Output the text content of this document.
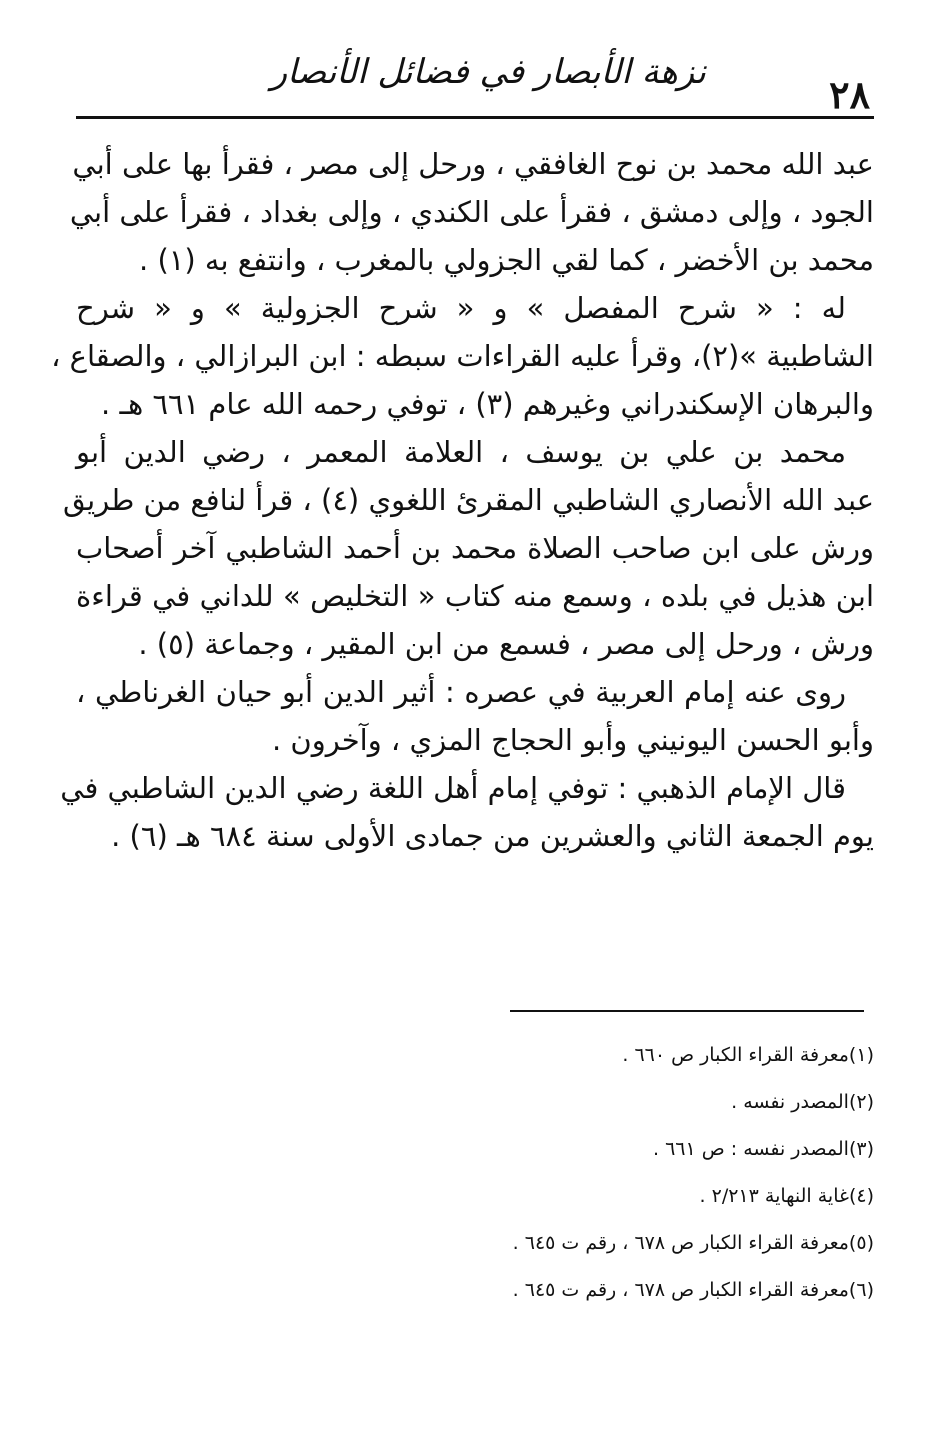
نزهة الأبصار في فضائل الأنصار	٢٨

عبد الله محمد بن نوح الغافقي ، ورحل إلى مصر ، فقرأ بها على أبي
الجود ، وإلى دمشق ، فقرأ على الكندي ، وإلى بغداد ، فقرأ على أبي
محمد بن الأخضر ، كما لقي الجزولي بالمغرب ، وانتفع به (١) .

له : « شرح المفصل » و « شرح الجزولية » و « شرح
الشاطبية »(٢)، وقرأ عليه القراءات سبطه : ابن البرازالي ، والصقاع ،
والبرهان الإسكندراني وغيرهم (٣) ، توفي رحمه الله عام ٦٦١ هـ .

محمد بن علي بن يوسف ، العلامة المعمر ، رضي الدين أبو
عبد الله الأنصاري الشاطبي المقرئ اللغوي (٤) ، قرأ لنافع من طريق
ورش على ابن صاحب الصلاة محمد بن أحمد الشاطبي آخر أصحاب
ابن هذيل في بلده ، وسمع منه كتاب « التخليص » للداني في قراءة
ورش ، ورحل إلى مصر ، فسمع من ابن المقير ، وجماعة (٥) .

روى عنه إمام العربية في عصره : أثير الدين أبو حيان الغرناطي ،
وأبو الحسن اليونيني وأبو الحجاج المزي ، وآخرون .

قال الإمام الذهبي : توفي إمام أهل اللغة رضي الدين الشاطبي في
يوم الجمعة الثاني والعشرين من جمادى الأولى سنة ٦٨٤ هـ (٦) .

(١)معرفة القراء الكبار ص ٦٦٠ .
(٢)المصدر نفسه .
(٣)المصدر نفسه : ص ٦٦١ .
(٤)غاية النهاية ٢/٢١٣ .
(٥)معرفة القراء الكبار ص ٦٧٨ ، رقم ت ٦٤٥ .
(٦)معرفة القراء الكبار ص ٦٧٨ ، رقم ت ٦٤٥ .
